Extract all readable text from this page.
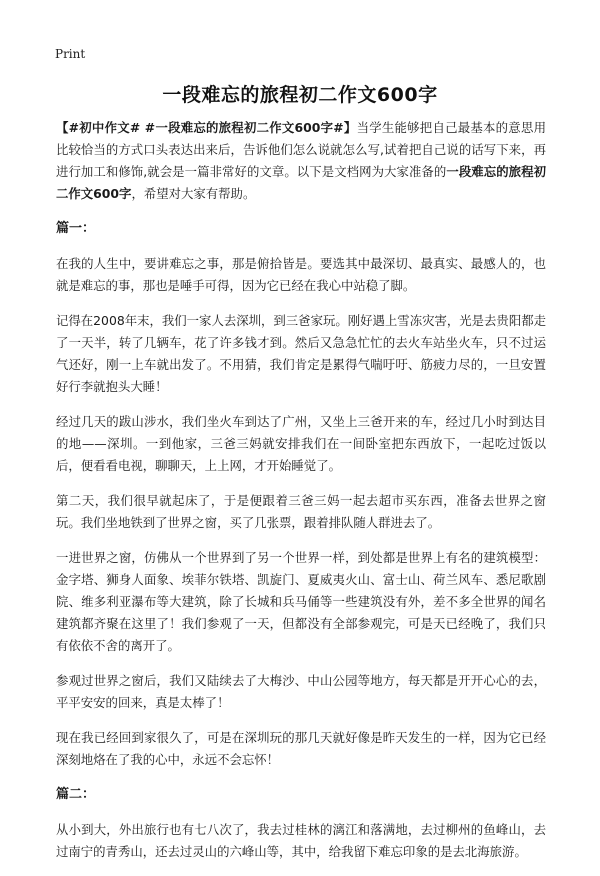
Print
一段难忘的旅程初二作文600字

【#初中作文# #一段难忘的旅程初二作文600字#】当学生能够把自己最基本的意思用比较恰当的方式口头表达出来后，告诉他们怎么说就怎么写,试着把自己说的话写下来，再进行加工和修饰,就会是一篇非常好的文章。以下是文档网为大家准备的一段难忘的旅程初二作文600字，希望对大家有帮助。

篇一：

在我的人生中，要讲难忘之事，那是俯拾皆是。要选其中最深切、最真实、最感人的，也就是难忘的事，那也是唾手可得，因为它已经在我心中站稳了脚。

记得在2008年末，我们一家人去深圳，到三爸家玩。刚好遇上雪冻灾害，光是去贵阳都走了一天半，转了几辆车，花了许多钱才到。然后又急急忙忙的去火车站坐火车，只不过运气还好，刚一上车就出发了。不用猜，我们肯定是累得气喘吁吁、筋疲力尽的，一旦安置好行李就抱头大睡！

经过几天的跋山涉水，我们坐火车到达了广州，又坐上三爸开来的车，经过几小时到达目的地——深圳。一到他家，三爸三妈就安排我们在一间卧室把东西放下，一起吃过饭以后，便看看电视，聊聊天，上上网，才开始睡觉了。

第二天，我们很早就起床了，于是便跟着三爸三妈一起去超市买东西，准备去世界之窗玩。我们坐地铁到了世界之窗，买了几张票，跟着排队随人群进去了。

一进世界之窗，仿佛从一个世界到了另一个世界一样，到处都是世界上有名的建筑模型：金字塔、狮身人面象、埃菲尔铁塔、凯旋门、夏威夷火山、富士山、荷兰风车、悉尼歌剧院、维多利亚瀑布等大建筑，除了长城和兵马俑等一些建筑没有外，差不多全世界的闻名建筑都齐聚在这里了！我们参观了一天，但都没有全部参观完，可是天已经晚了，我们只有依依不舍的离开了。

参观过世界之窗后，我们又陆续去了大梅沙、中山公园等地方，每天都是开开心心的去，平平安安的回来，真是太棒了！

现在我已经回到家很久了，可是在深圳玩的那几天就好像是昨天发生的一样，因为它已经深刻地烙在了我的心中，永远不会忘怀！

篇二：

从小到大，外出旅行也有七八次了，我去过桂林的漓江和落满地，去过柳州的鱼峰山，去过南宁的青秀山，还去过灵山的六峰山等，其中，给我留下难忘印象的是去北海旅游。
